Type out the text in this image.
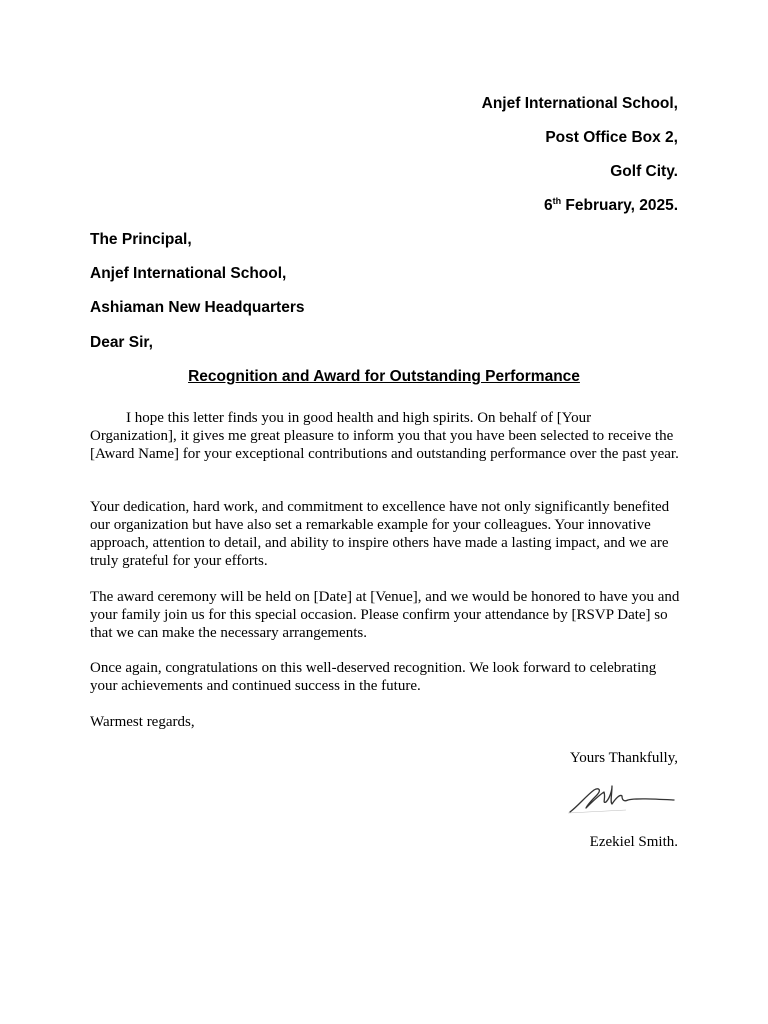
Anjef International School,
Post Office Box 2,
Golf City.
6th February, 2025.
The Principal,
Anjef International School,
Ashiaman New Headquarters
Dear Sir,
Recognition and Award for Outstanding Performance

I hope this letter finds you in good health and high spirits. On behalf of [Your Organization], it gives me great pleasure to inform you that you have been selected to receive the [Award Name] for your exceptional contributions and outstanding performance over the past year.

Your dedication, hard work, and commitment to excellence have not only significantly benefited our organization but have also set a remarkable example for your colleagues. Your innovative approach, attention to detail, and ability to inspire others have made a lasting impact, and we are truly grateful for your efforts.

The award ceremony will be held on [Date] at [Venue], and we would be honored to have you and your family join us for this special occasion. Please confirm your attendance by [RSVP Date] so that we can make the necessary arrangements.

Once again, congratulations on this well-deserved recognition. We look forward to celebrating your achievements and continued success in the future.

Warmest regards,
Yours Thankfully,
Ezekiel Smith.
